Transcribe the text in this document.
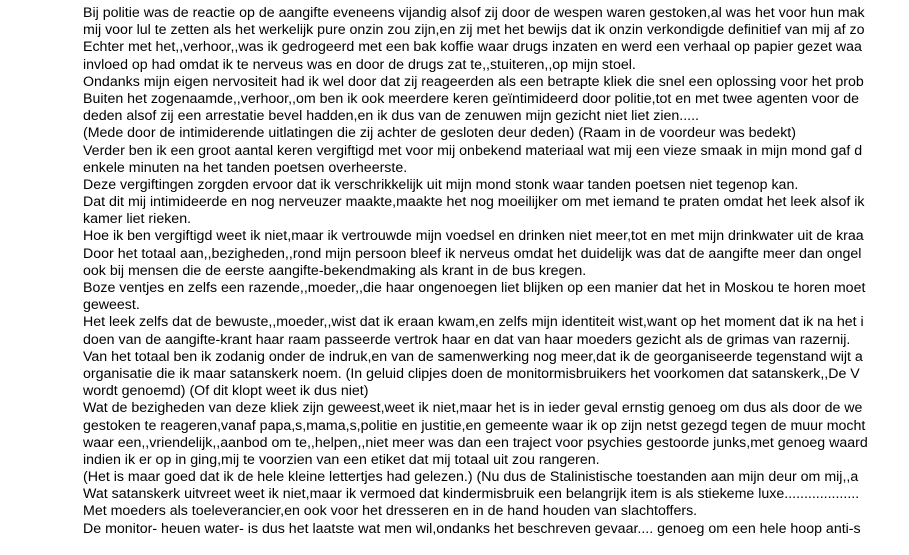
Bij politie was de reactie op de aangifte eveneens vijandig alsof zij door de wespen waren gestoken,al was het voor hun mak
mij voor lul te zetten als het werkelijk pure onzin zou zijn,en zij met het bewijs dat ik onzin verkondigde definitief van mij af zo
Echter met het,,verhoor,,was ik gedrogeerd met een bak koffie waar drugs inzaten en werd een verhaal op papier gezet waa
invloed op had omdat ik te nerveus was en door de drugs zat te,,stuiteren,,op mijn stoel.
Ondanks mijn eigen nervositeit had ik wel door dat zij reageerden als een betrapte kliek die snel een oplossing voor het prob
Buiten het zogenaamde,,verhoor,,om ben ik ook meerdere keren geïntimideerd door politie,tot en met twee agenten voor de
deden alsof zij een arrestatie bevel hadden,en ik dus van de zenuwen mijn gezicht niet liet zien.....
(Mede door de intimiderende uitlatingen die zij achter de gesloten deur deden) (Raam in de voordeur was bedekt)
Verder ben ik een groot aantal keren vergiftigd met voor mij onbekend materiaal wat mij een vieze smaak in mijn mond gaf d
enkele minuten na het tanden poetsen overheerste.
Deze vergiftingen zorgden ervoor dat ik verschrikkelijk uit mijn mond stonk waar tanden poetsen niet tegenop kan.
Dat dit mij intimideerde en nog nerveuzer maakte,maakte het nog moeilijker om met iemand te praten omdat het leek alsof ik
kamer liet rieken.
Hoe ik ben vergiftigd weet ik niet,maar ik vertrouwde mijn voedsel en drinken niet meer,tot en met mijn drinkwater uit de kraa
Door het totaal aan,,bezigheden,,rond mijn persoon bleef ik nerveus omdat het duidelijk was dat de aangifte meer dan ongel
ook bij mensen die de eerste aangifte-bekendmaking als krant in de bus kregen.
Boze ventjes en zelfs een razende,,moeder,,die haar ongenoegen liet blijken op een manier dat het in Moskou te horen moet
geweest.
Het leek zelfs dat de bewuste,,moeder,,wist dat ik eraan kwam,en zelfs mijn identiteit wist,want op het moment dat ik na het i
doen van de aangifte-krant haar raam passeerde vertrok haar en dat van haar moeders gezicht als de grimas van razernij.
Van het totaal ben ik zodanig onder de indruk,en van de samenwerking nog meer,dat ik de georganiseerde tegenstand wijt a
organisatie die ik maar satanskerk noem. (In geluid clipjes doen de monitormisbruikers het voorkomen dat satanskerk,,De V
wordt genoemd) (Of dit klopt weet ik dus niet)
Wat de bezigheden van deze kliek zijn geweest,weet ik niet,maar het is in ieder geval ernstig genoeg om dus als door de we
gestoken te reageren,vanaf papa,s,mama,s,politie en justitie,en gemeente waar ik op zijn netst gezegd tegen de muur mocht
waar een,,vriendelijk,,aanbod om te,,helpen,,niet meer was dan een traject voor psychies gestoorde junks,met genoeg waard
indien ik er op in ging,mij te voorzien van een etiket dat mij totaal uit zou rangeren.
(Het is maar goed dat ik de hele kleine lettertjes had gelezen.) (Nu dus de Stalinistische toestanden aan mijn deur om mij,,a
Wat satanskerk uitvreet weet ik niet,maar ik vermoed dat kindermisbruik een belangrijk item is als stiekeme luxe...................
Met moeders als toeleverancier,en ook voor het dresseren en in de hand houden van slachtoffers.
De monitor- heuen water- is dus het laatste wat men wil,ondanks het beschreven gevaar.... genoeg om een hele hoop anti-s
